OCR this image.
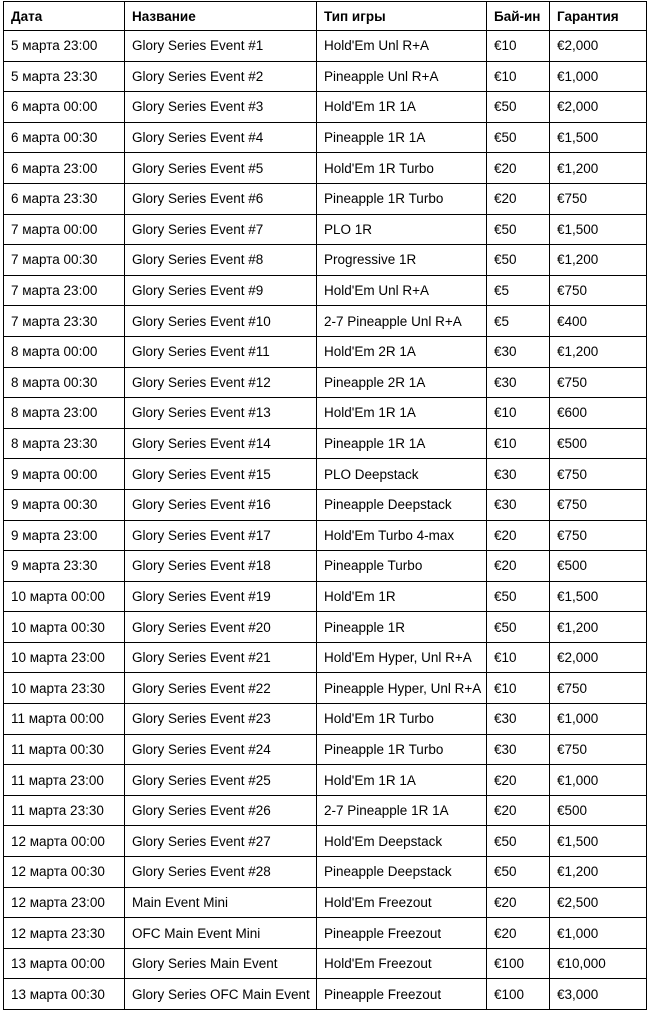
Дата	Название	Тип игры	Бай-ин	Гарантия
5 марта 23:00	Glory Series Event #1	Hold'Em Unl R+A	€10	€2,000
5 марта 23:30	Glory Series Event #2	Pineapple Unl R+A	€10	€1,000
6 марта 00:00	Glory Series Event #3	Hold'Em 1R 1A	€50	€2,000
6 марта 00:30	Glory Series Event #4	Pineapple 1R 1A	€50	€1,500
6 марта 23:00	Glory Series Event #5	Hold'Em 1R Turbo	€20	€1,200
6 марта 23:30	Glory Series Event #6	Pineapple 1R Turbo	€20	€750
7 марта 00:00	Glory Series Event #7	PLO 1R	€50	€1,500
7 марта 00:30	Glory Series Event #8	Progressive 1R	€50	€1,200
7 марта 23:00	Glory Series Event #9	Hold'Em Unl R+A	€5	€750
7 марта 23:30	Glory Series Event #10	2-7 Pineapple Unl R+A	€5	€400
8 марта 00:00	Glory Series Event #11	Hold'Em 2R 1A	€30	€1,200
8 марта 00:30	Glory Series Event #12	Pineapple 2R 1A	€30	€750
8 марта 23:00	Glory Series Event #13	Hold'Em 1R 1A	€10	€600
8 марта 23:30	Glory Series Event #14	Pineapple 1R 1A	€10	€500
9 марта 00:00	Glory Series Event #15	PLO Deepstack	€30	€750
9 марта 00:30	Glory Series Event #16	Pineapple Deepstack	€30	€750
9 марта 23:00	Glory Series Event #17	Hold'Em Turbo 4-max	€20	€750
9 марта 23:30	Glory Series Event #18	Pineapple Turbo	€20	€500
10 марта 00:00	Glory Series Event #19	Hold'Em 1R	€50	€1,500
10 марта 00:30	Glory Series Event #20	Pineapple 1R	€50	€1,200
10 марта 23:00	Glory Series Event #21	Hold'Em Hyper, Unl R+A	€10	€2,000
10 марта 23:30	Glory Series Event #22	Pineapple Hyper, Unl R+A	€10	€750
11 марта 00:00	Glory Series Event #23	Hold'Em 1R Turbo	€30	€1,000
11 марта 00:30	Glory Series Event #24	Pineapple 1R Turbo	€30	€750
11 марта 23:00	Glory Series Event #25	Hold'Em 1R 1A	€20	€1,000
11 марта 23:30	Glory Series Event #26	2-7 Pineapple 1R 1A	€20	€500
12 марта 00:00	Glory Series Event #27	Hold'Em Deepstack	€50	€1,500
12 марта 00:30	Glory Series Event #28	Pineapple Deepstack	€50	€1,200
12 марта 23:00	Main Event Mini	Hold'Em Freezout	€20	€2,500
12 марта 23:30	OFC Main Event Mini	Pineapple Freezout	€20	€1,000
13 марта 00:00	Glory Series Main Event	Hold'Em Freezout	€100	€10,000
13 марта 00:30	Glory Series OFC Main Event	Pineapple Freezout	€100	€3,000
